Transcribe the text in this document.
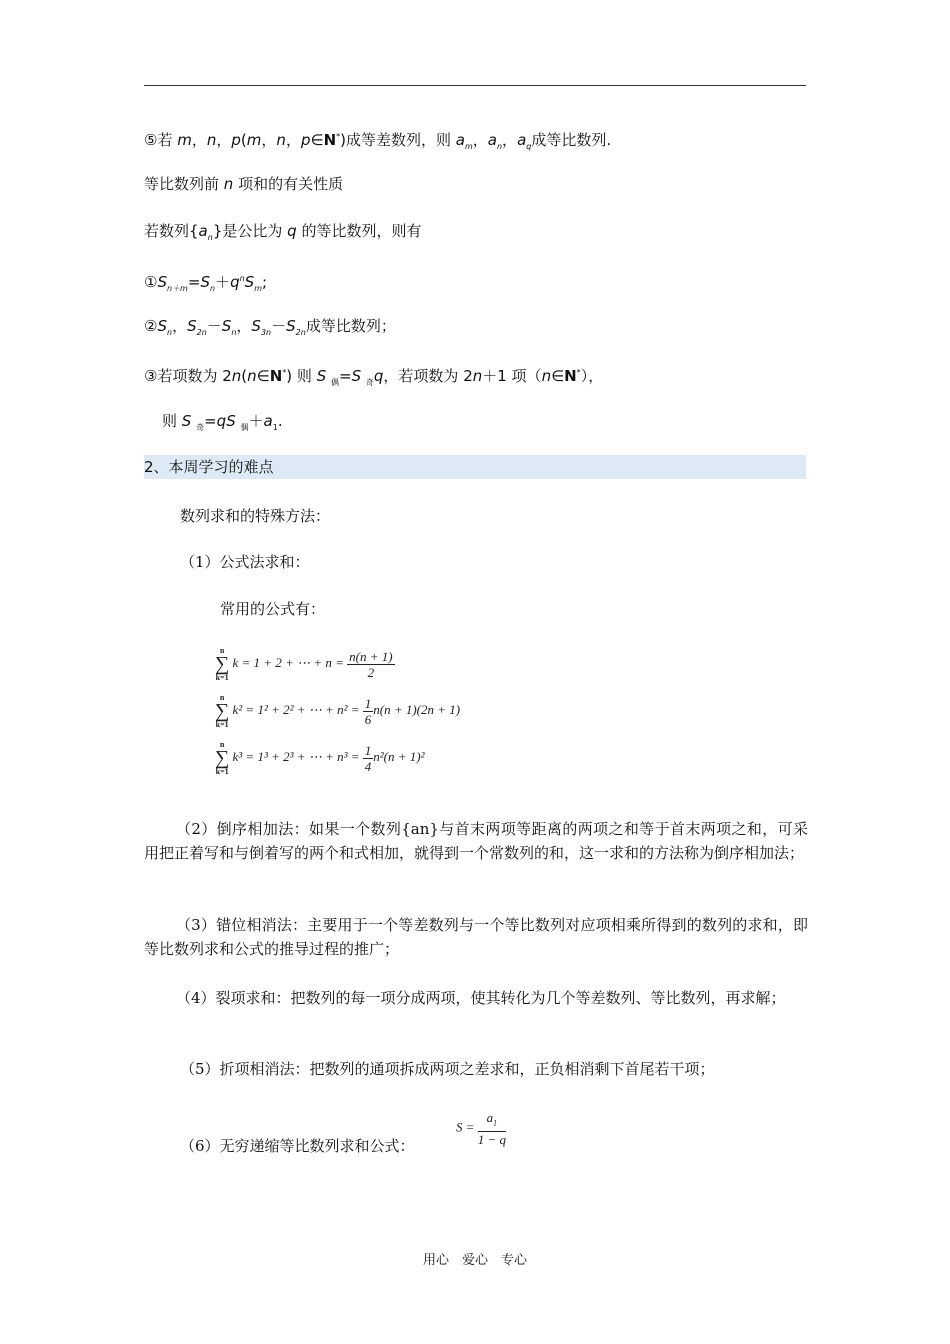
⑤若 m，n，p(m，n，p∈N*)成等差数列，则 $a_m$，$a_n$，$a_q$成等比数列.
等比数列前 n 项和的有关性质
若数列$\{a_n\}$是公比为 q 的等比数列，则有
$①S_{n+m}=S_n+q^nS_m$;
$②S_n$，$S_{2n}-S_n$，$S_{3n}-S_{2n}$成等比数列；
③若项数为 2n(n∈N*) 则 S $_偶$=S $_奇$q，若项数为 2n＋1 项（n∈N*），
则 S $_奇$=qS $_偶+a_1$.
2、本周学习的难点
数列求和的特殊方法：
（1）公式法求和：
常用的公式有：
n
∑
k=1
k = 1 + 2 + ⋯ + $n = \frac{n(n + 1)}{2}$
n
∑
k=1
k² = 1² + 2² + ⋯ + $n^2 = \frac{1}{6} n(n + 1)(2n + 1)$
n
∑
k=1
k³ = 1³ + 2³ + ⋯ + $n^3 = \frac{1}{4} n^2(n + 1)^2$
（2）倒序相加法：如果一个数列{an}与首末两项等距离的两项之和等于首末两项之和，可采用把正着写和与倒着写的两个和式相加，就得到一个常数列的和，这一求和的方法称为倒序相加法；
（3）错位相消法：主要用于一个等差数列与一个等比数列对应项相乘所得到的数列的求和，即等比数列求和公式的推导过程的推广；
（4）裂项求和：把数列的每一项分成两项，使其转化为几个等差数列、等比数列，再求解；
（5）折项相消法：把数列的通项拆成两项之差求和，正负相消剩下首尾若干项；
（6）无穷递缩等比数列求和公式：
$S = \frac{a_1}{1 - q}$
用心　爱心　专心
